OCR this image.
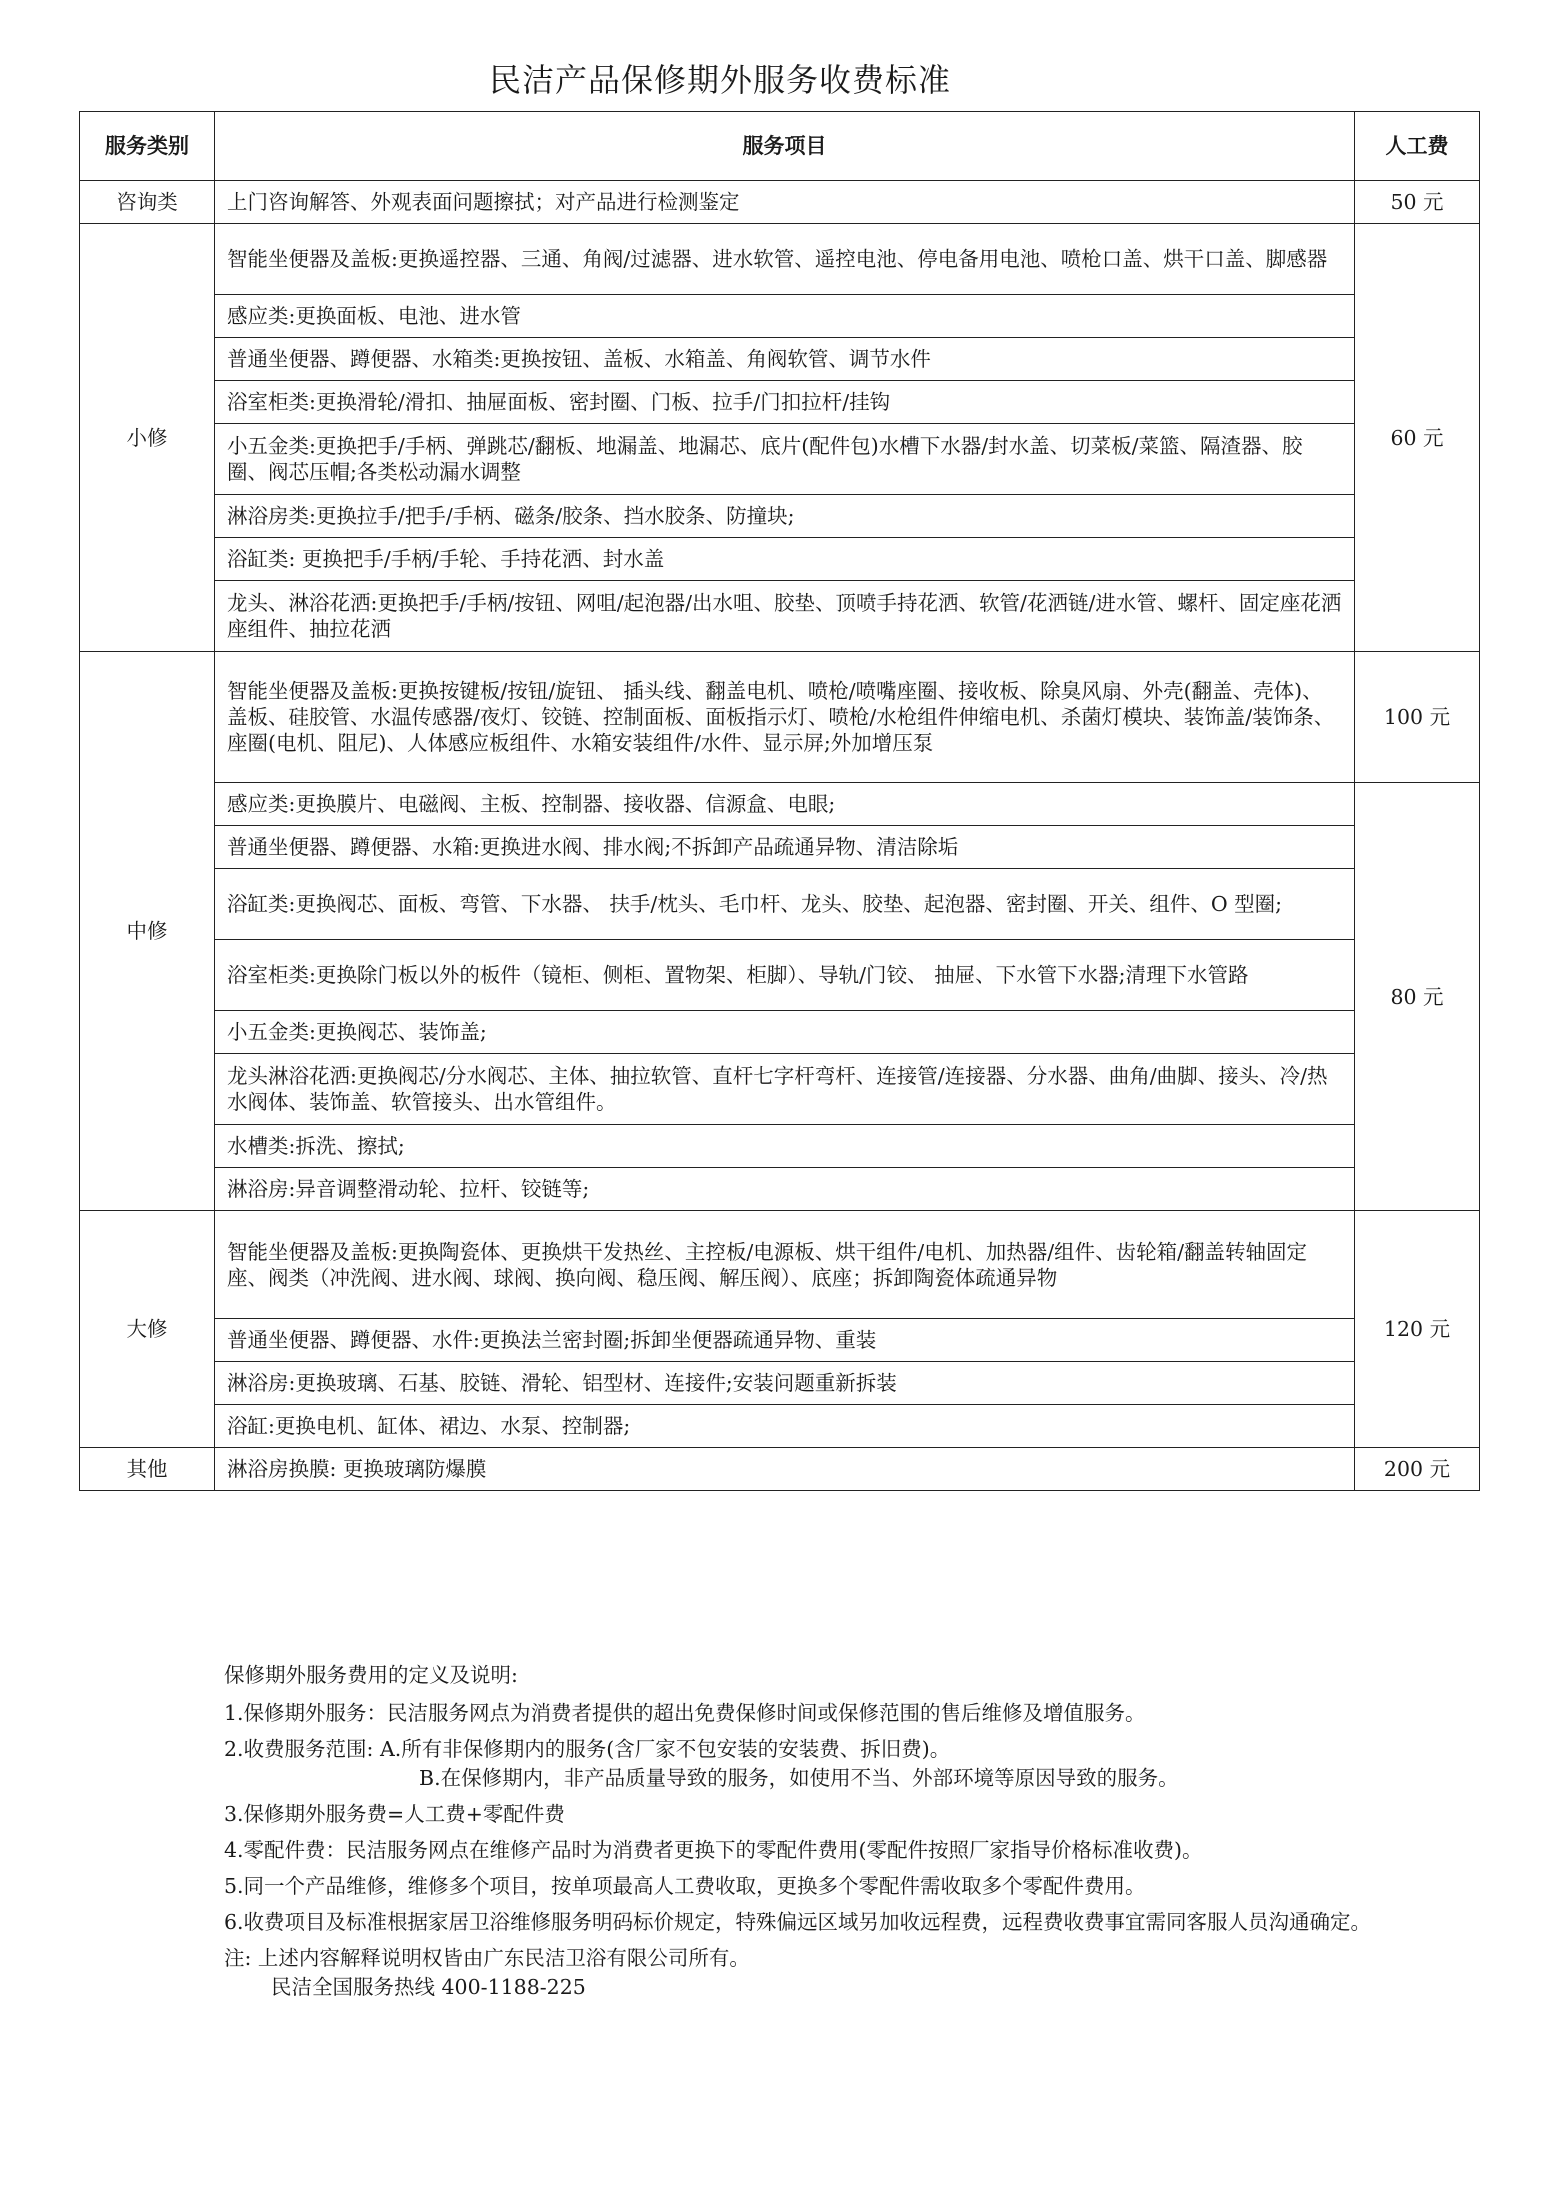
民洁产品保修期外服务收费标准
服务类别	服务项目	人工费
咨询类	上门咨询解答、外观表面问题擦拭；对产品进行检测鉴定	50 元
小修	智能坐便器及盖板:更换遥控器、三通、角阀/过滤器、进水软管、遥控电池、停电备用电池、喷枪口盖、烘干口盖、脚感器	60 元
	感应类:更换面板、电池、进水管	
	普通坐便器、蹲便器、水箱类:更换按钮、盖板、水箱盖、角阀软管、调节水件	
	浴室柜类:更换滑轮/滑扣、抽屉面板、密封圈、门板、拉手/门扣拉杆/挂钩	
	小五金类:更换把手/手柄、弹跳芯/翻板、地漏盖、地漏芯、底片(配件包)水槽下水器/封水盖、切菜板/菜篮、隔渣器、胶圈、阀芯压帽;各类松动漏水调整	
	淋浴房类:更换拉手/把手/手柄、磁条/胶条、挡水胶条、防撞块;	
	浴缸类: 更换把手/手柄/手轮、手持花洒、封水盖	
	龙头、淋浴花洒:更换把手/手柄/按钮、网咀/起泡器/出水咀、胶垫、顶喷手持花洒、软管/花洒链/进水管、螺杆、固定座花洒座组件、抽拉花洒	
中修	智能坐便器及盖板:更换按键板/按钮/旋钮、 插头线、翻盖电机、喷枪/喷嘴座圈、接收板、除臭风扇、外壳(翻盖、壳体)、盖板、硅胶管、水温传感器/夜灯、铰链、控制面板、面板指示灯、喷枪/水枪组件伸缩电机、杀菌灯模块、装饰盖/装饰条、座圈(电机、阻尼)、人体感应板组件、水箱安装组件/水件、显示屏;外加增压泵	100 元
	感应类:更换膜片、电磁阀、主板、控制器、接收器、信源盒、电眼;	80 元
	普通坐便器、蹲便器、水箱:更换进水阀、排水阀;不拆卸产品疏通异物、清洁除垢	
	浴缸类:更换阀芯、面板、弯管、下水器、 扶手/枕头、毛巾杆、龙头、胶垫、起泡器、密封圈、开关、组件、O 型圈;	
	浴室柜类:更换除门板以外的板件（镜柜、侧柜、置物架、柜脚）、导轨/门铰、 抽屉、下水管下水器;清理下水管路	
	小五金类:更换阀芯、装饰盖;	
	龙头淋浴花洒:更换阀芯/分水阀芯、主体、抽拉软管、直杆七字杆弯杆、连接管/连接器、分水器、曲角/曲脚、接头、冷/热水阀体、装饰盖、软管接头、出水管组件。	
	水槽类:拆洗、擦拭;	
	淋浴房:异音调整滑动轮、拉杆、铰链等;	
大修	智能坐便器及盖板:更换陶瓷体、更换烘干发热丝、主控板/电源板、烘干组件/电机、加热器/组件、齿轮箱/翻盖转轴固定座、阀类（冲洗阀、进水阀、球阀、换向阀、稳压阀、解压阀）、底座；拆卸陶瓷体疏通异物	120 元
	普通坐便器、蹲便器、水件:更换法兰密封圈;拆卸坐便器疏通异物、重装	
	淋浴房:更换玻璃、石基、胶链、滑轮、铝型材、连接件;安装问题重新拆装	
	浴缸:更换电机、缸体、裙边、水泵、控制器;	
其他	淋浴房换膜: 更换玻璃防爆膜	200 元

保修期外服务费用的定义及说明:

1.保修期外服务：民洁服务网点为消费者提供的超出免费保修时间或保修范围的售后维修及增值服务。

2.收费服务范围: A.所有非保修期内的服务(含厂家不包安装的安装费、拆旧费)。

B.在保修期内，非产品质量导致的服务，如使用不当、外部环境等原因导致的服务。

3.保修期外服务费=人工费+零配件费

4.零配件费：民洁服务网点在维修产品时为消费者更换下的零配件费用(零配件按照厂家指导价格标准收费)。

5.同一个产品维修，维修多个项目，按单项最高人工费收取，更换多个零配件需收取多个零配件费用。

6.收费项目及标准根据家居卫浴维修服务明码标价规定，特殊偏远区域另加收远程费，远程费收费事宜需同客服人员沟通确定。

注: 上述内容解释说明权皆由广东民洁卫浴有限公司所有。

民洁全国服务热线 400-1188-225
